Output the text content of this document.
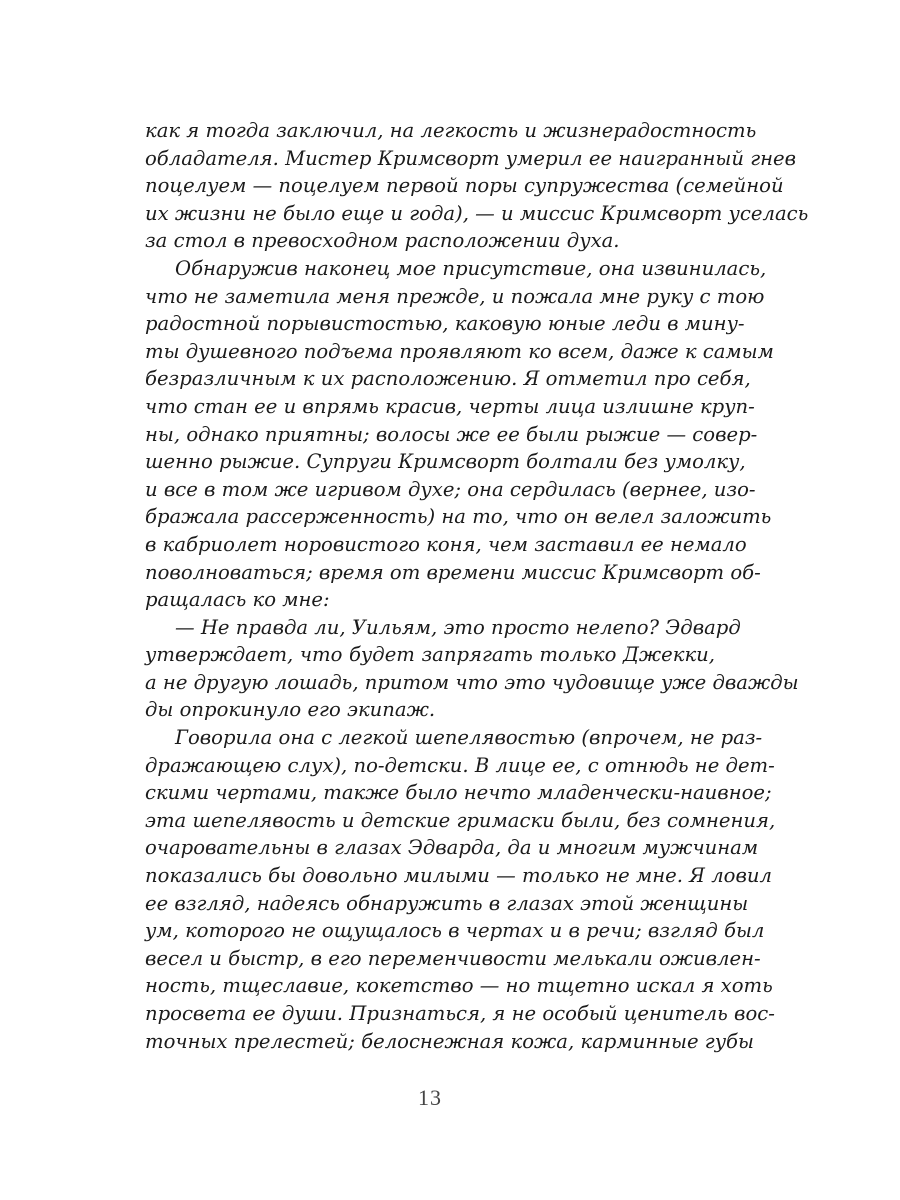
как я тогда заключил, на легкость и жизнерадостность
обладателя. Мистер Кримсворт умерил ее наигранный гнев
поцелуем — поцелуем первой поры супружества (семейной
их жизни не было еще и года), — и миссис Кримсворт уселась
за стол в превосходном расположении духа.
Обнаружив наконец мое присутствие, она извинилась,
что не заметила меня прежде, и пожала мне руку с тою
радостной порывистостью, каковую юные леди в мину-
ты душевного подъема проявляют ко всем, даже к самым
безразличным к их расположению. Я отметил про себя,
что стан ее и впрямь красив, черты лица излишне круп-
ны, однако приятны; волосы же ее были рыжие — совер-
шенно рыжие. Супруги Кримсворт болтали без умолку,
и все в том же игривом духе; она сердилась (вернее, изо-
бражала рассерженность) на то, что он велел заложить
в кабриолет норовистого коня, чем заставил ее немало
поволноваться; время от времени миссис Кримсворт об-
ращалась ко мне:
— Не правда ли, Уильям, это просто нелепо? Эдвард
утверждает, что будет запрягать только Джекки,
а не другую лошадь, притом что это чудовище уже дважды
ды опрокинуло его экипаж.
Говорила она с легкой шепелявостью (впрочем, не раз-
дражающею слух), по-детски. В лице ее, с отнюдь не дет-
скими чертами, также было нечто младенчески-наивное;
эта шепелявость и детские гримаски были, без сомнения,
очаровательны в глазах Эдварда, да и многим мужчинам
показались бы довольно милыми — только не мне. Я ловил
ее взгляд, надеясь обнаружить в глазах этой женщины
ум, которого не ощущалось в чертах и в речи; взгляд был
весел и быстр, в его переменчивости мелькали оживлен-
ность, тщеславие, кокетство — но тщетно искал я хоть
просвета ее души. Признаться, я не особый ценитель вос-
точных прелестей; белоснежная кожа, карминные губы
13
